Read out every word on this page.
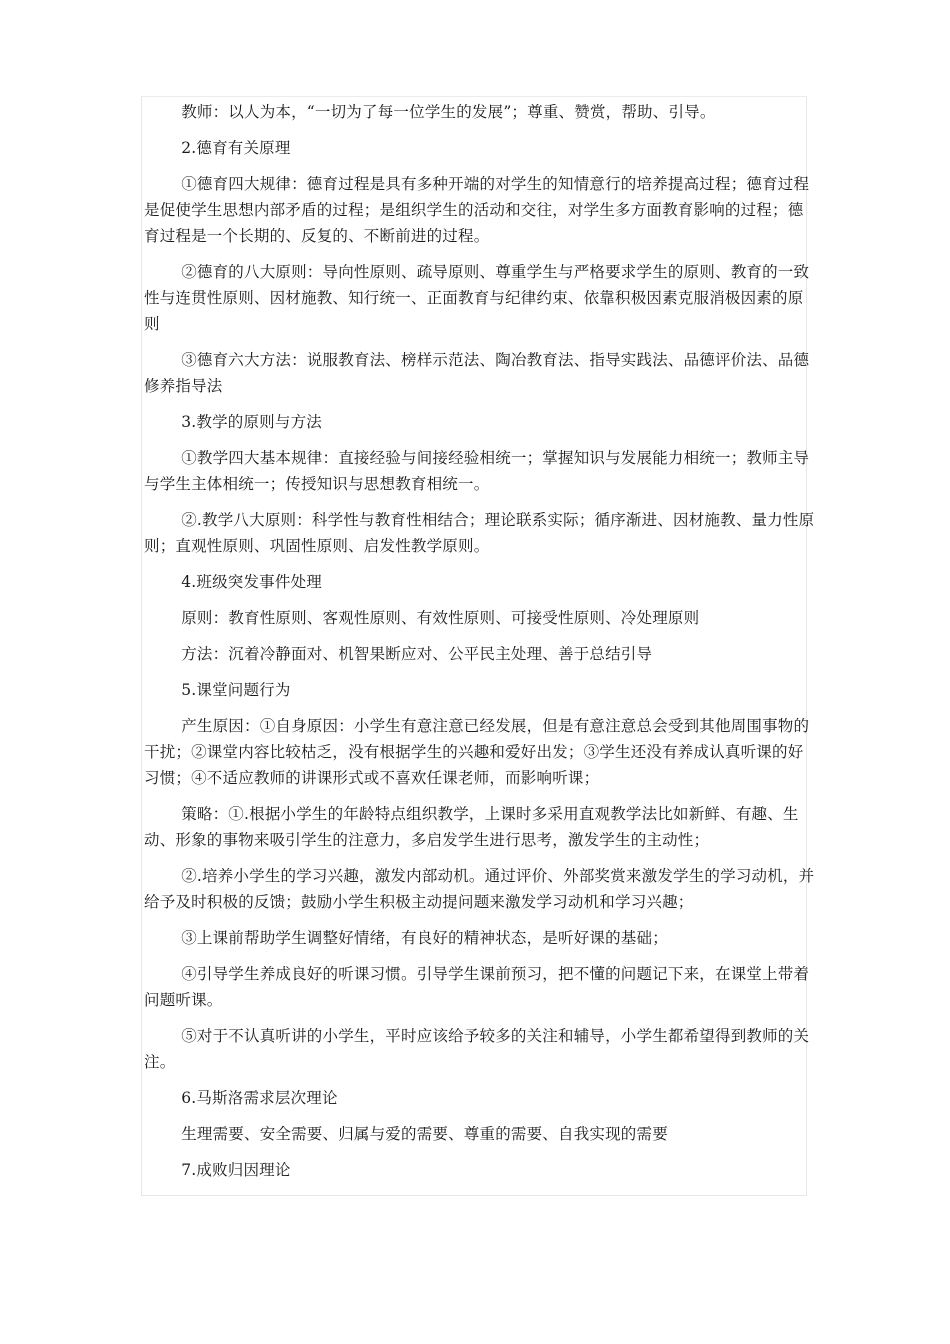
教师：以人为本，“一切为了每一位学生的发展”；尊重、赞赏，帮助、引导。

2.德育有关原理

①德育四大规律：德育过程是具有多种开端的对学生的知情意行的培养提高过程；德育过程是促使学生思想内部矛盾的过程；是组织学生的活动和交往，对学生多方面教育影响的过程；德育过程是一个长期的、反复的、不断前进的过程。

②德育的八大原则：导向性原则、疏导原则、尊重学生与严格要求学生的原则、教育的一致性与连贯性原则、因材施教、知行统一、正面教育与纪律约束、依靠积极因素克服消极因素的原则

③德育六大方法：说服教育法、榜样示范法、陶冶教育法、指导实践法、品德评价法、品德修养指导法

3.教学的原则与方法

①教学四大基本规律：直接经验与间接经验相统一；掌握知识与发展能力相统一；教师主导与学生主体相统一；传授知识与思想教育相统一。

②.教学八大原则：科学性与教育性相结合；理论联系实际；循序渐进、因材施教、量力性原则；直观性原则、巩固性原则、启发性教学原则。

4.班级突发事件处理

原则：教育性原则、客观性原则、有效性原则、可接受性原则、冷处理原则

方法：沉着冷静面对、机智果断应对、公平民主处理、善于总结引导

5.课堂问题行为

产生原因：①自身原因：小学生有意注意已经发展，但是有意注意总会受到其他周围事物的干扰；②课堂内容比较枯乏，没有根据学生的兴趣和爱好出发；③学生还没有养成认真听课的好习惯；④不适应教师的讲课形式或不喜欢任课老师，而影响听课；

策略：①.根据小学生的年龄特点组织教学，上课时多采用直观教学法比如新鲜、有趣、生动、形象的事物来吸引学生的注意力，多启发学生进行思考，激发学生的主动性；

②.培养小学生的学习兴趣，激发内部动机。通过评价、外部奖赏来激发学生的学习动机，并给予及时积极的反馈；鼓励小学生积极主动提问题来激发学习动机和学习兴趣；

③上课前帮助学生调整好情绪，有良好的精神状态，是听好课的基础；

④引导学生养成良好的听课习惯。引导学生课前预习，把不懂的问题记下来，在课堂上带着问题听课。

⑤对于不认真听讲的小学生，平时应该给予较多的关注和辅导，小学生都希望得到教师的关注。

6.马斯洛需求层次理论

生理需要、安全需要、归属与爱的需要、尊重的需要、自我实现的需要

7.成败归因理论
